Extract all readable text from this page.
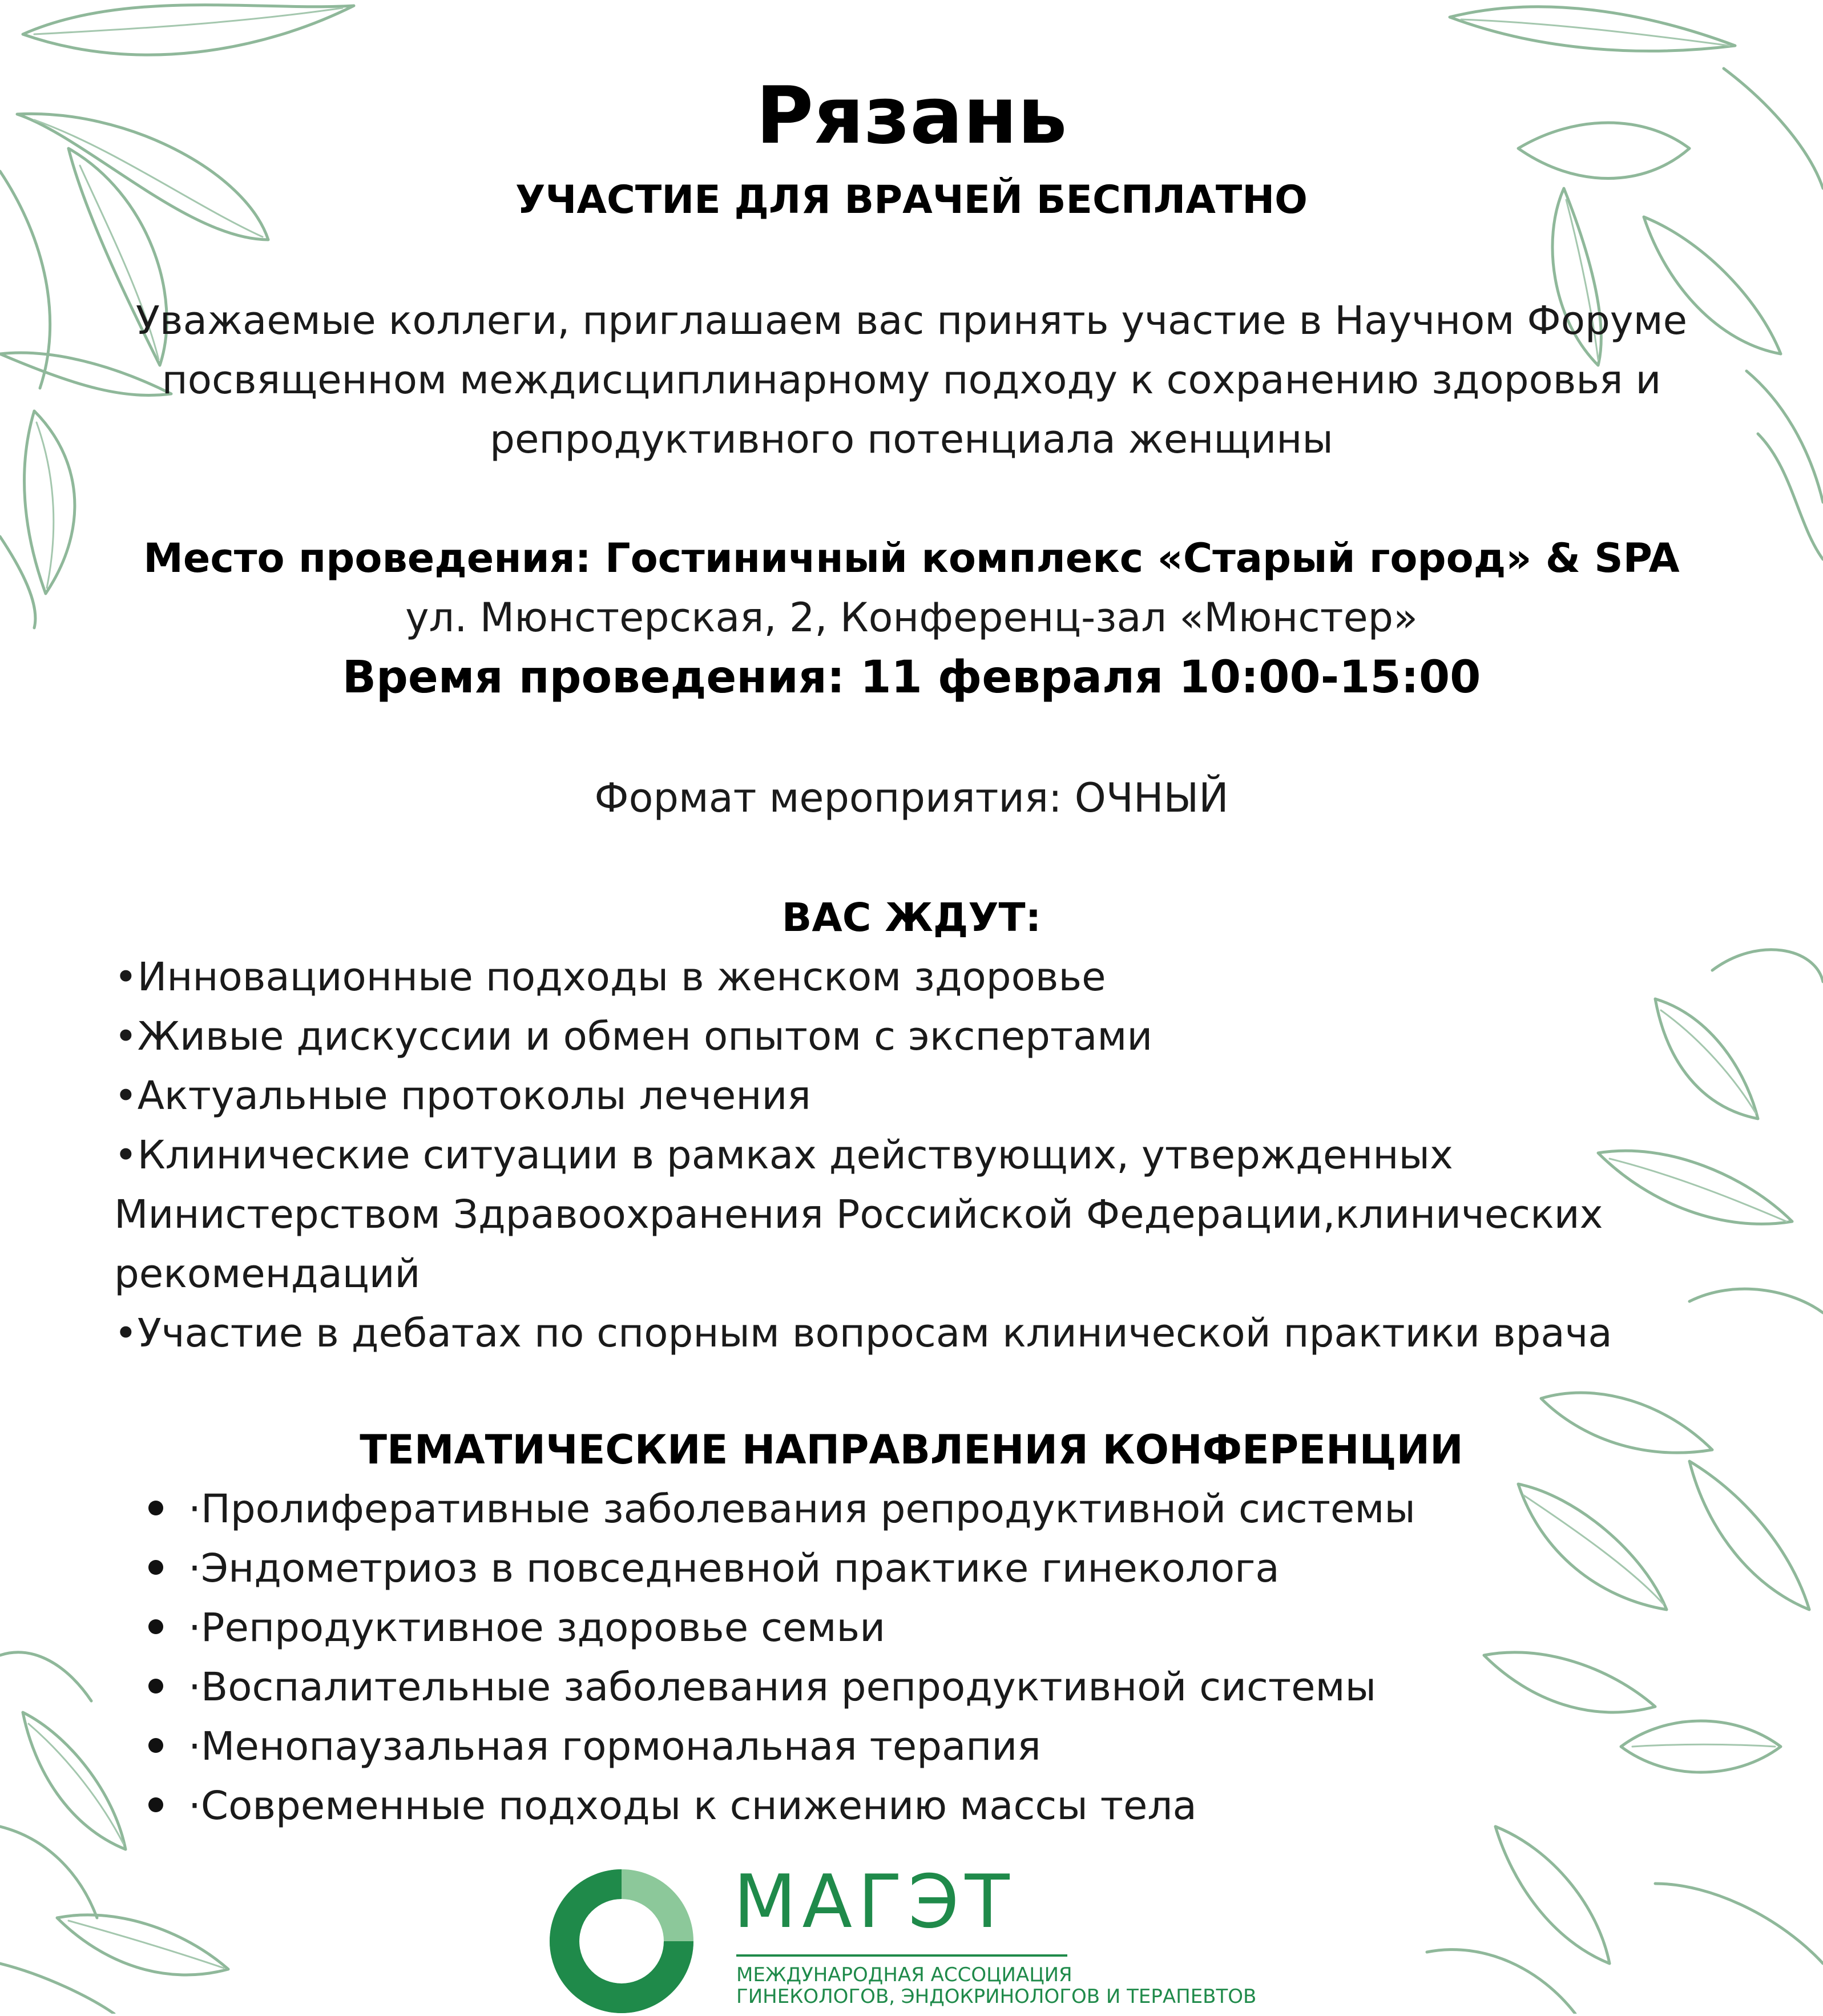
Рязань
УЧАСТИЕ ДЛЯ ВРАЧЕЙ БЕСПЛАТНО
Уважаемые коллеги, приглашаем вас принять участие в Научном Форуме
посвященном междисциплинарному подходу к сохранению здоровья и
репродуктивного потенциала женщины
Место проведения: Гостиничный комплекс «Старый город» & SPA
ул. Мюнстерская, 2, Конференц-зал «Мюнстер»
Время проведения: 11 февраля 10:00-15:00
Формат мероприятия: ОЧНЫЙ
ВАС ЖДУТ:
•Инновационные подходы в женском здоровье
•Живые дискуссии и обмен опытом с экспертами
•Актуальные протоколы лечения
•Клинические ситуации в рамках действующих, утвержденных
Министерством Здравоохранения Российской Федерации,клинических
рекомендаций
•Участие в дебатах по спорным вопросам клинической практики врача
ТЕМАТИЧЕСКИЕ НАПРАВЛЕНИЯ КОНФЕРЕНЦИИ
·Пролиферативные заболевания репродуктивной системы
·Эндометриоз в повседневной практике гинеколога
·Репродуктивное здоровье семьи
·Воспалительные заболевания репродуктивной системы
·Менопаузальная гормональная терапия
·Современные подходы к снижению массы тела
МАГЭТ
МЕЖДУНАРОДНАЯ АССОЦИАЦИЯ
ГИНЕКОЛОГОВ, ЭНДОКРИНОЛОГОВ И ТЕРАПЕВТОВ
